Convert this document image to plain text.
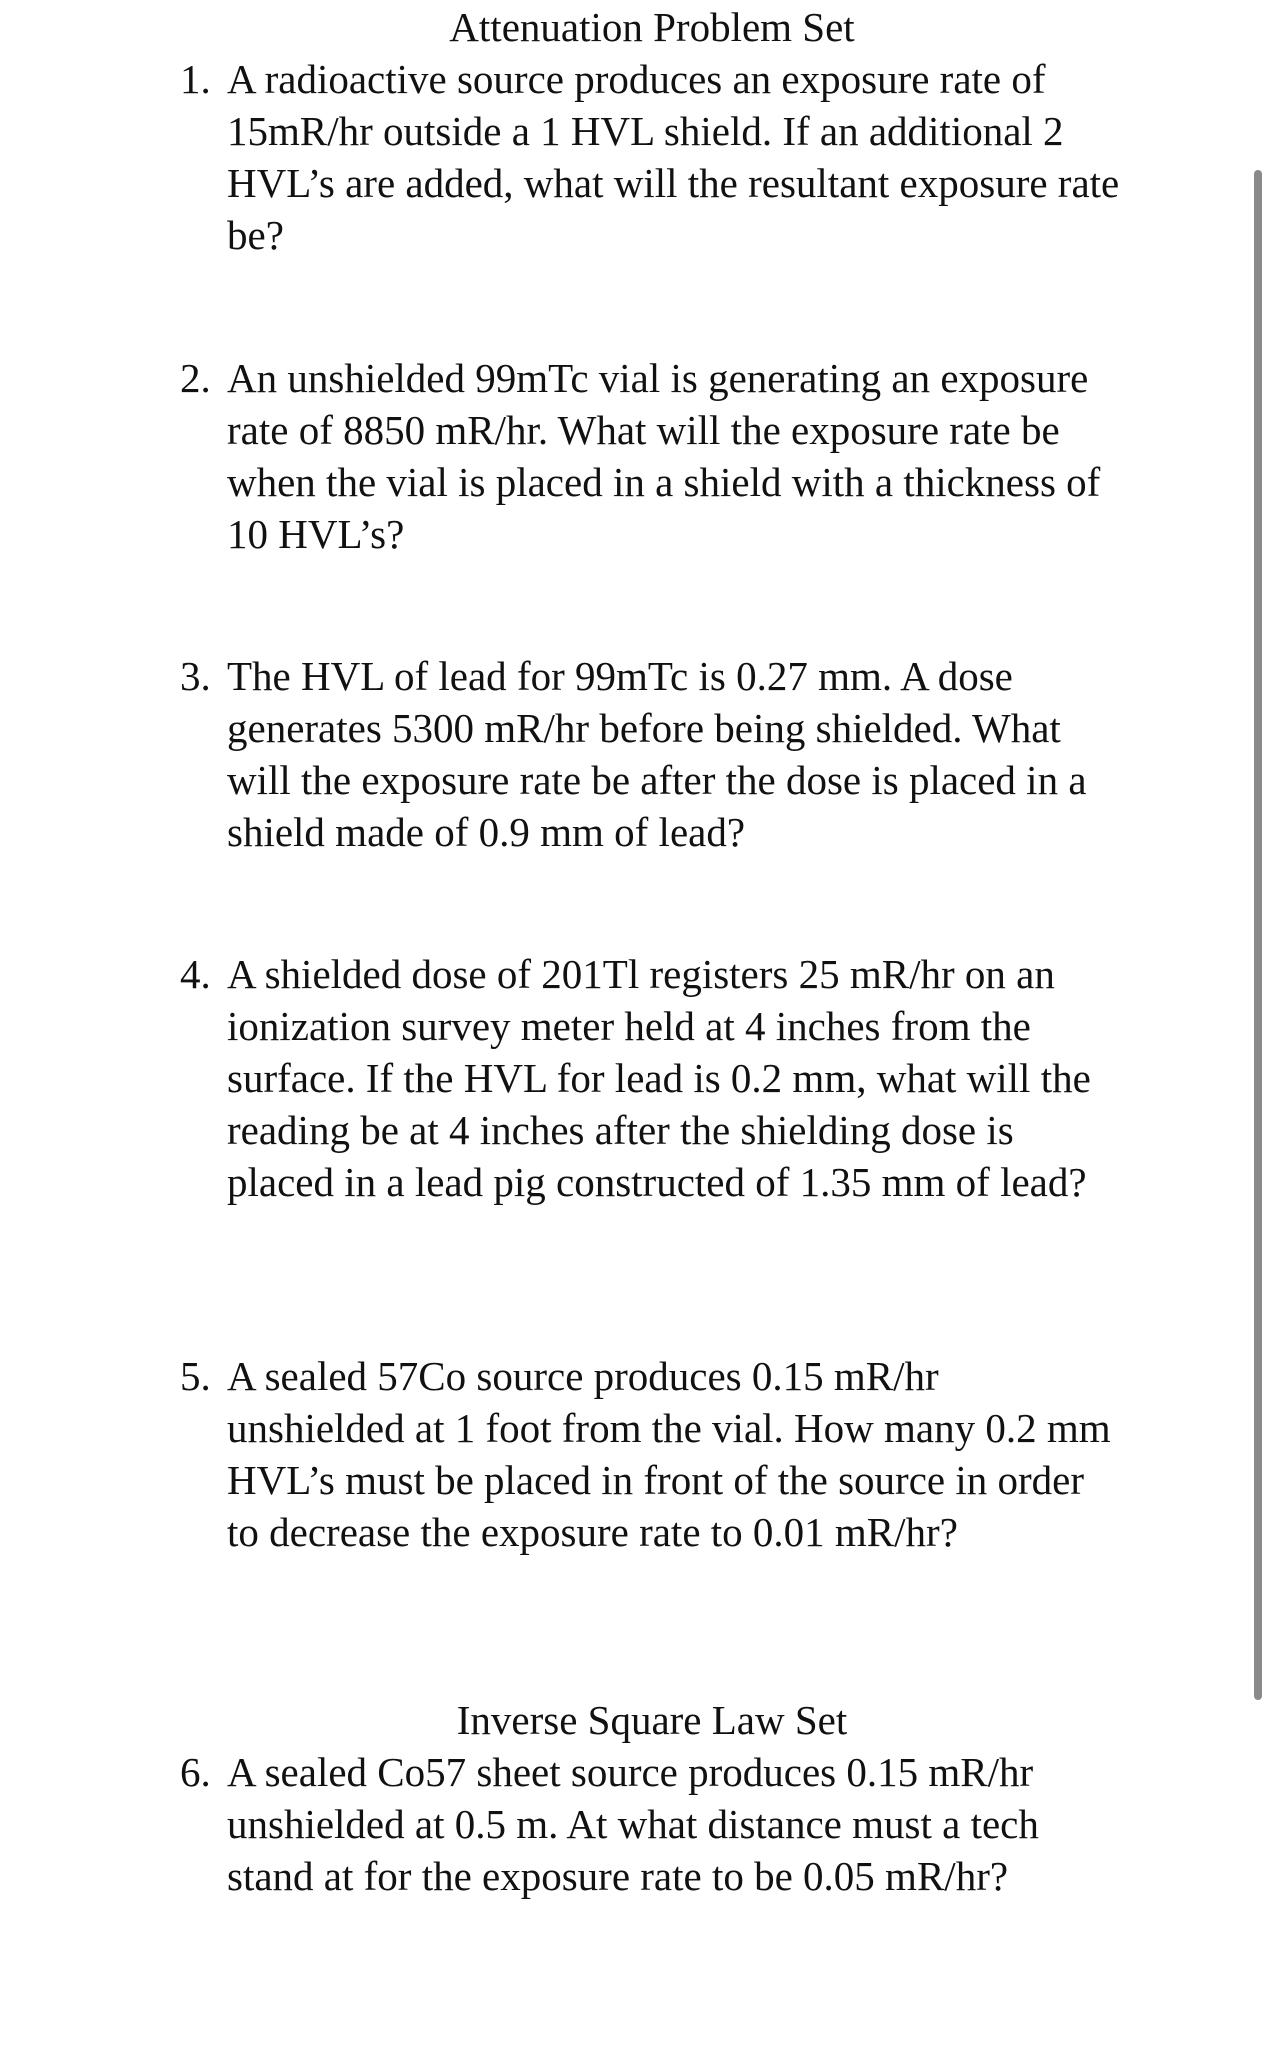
Attenuation Problem Set
1. A radioactive source produces an exposure rate of 15mR/hr outside a 1 HVL shield. If an additional 2 HVL’s are added, what will the resultant exposure rate be?
2. An unshielded 99mTc vial is generating an exposure rate of 8850 mR/hr. What will the exposure rate be when the vial is placed in a shield with a thickness of 10 HVL’s?
3. The HVL of lead for 99mTc is 0.27 mm. A dose generates 5300 mR/hr before being shielded. What will the exposure rate be after the dose is placed in a shield made of 0.9 mm of lead?
4. A shielded dose of 201Tl registers 25 mR/hr on an ionization survey meter held at 4 inches from the surface. If the HVL for lead is 0.2 mm, what will the reading be at 4 inches after the shielding dose is placed in a lead pig constructed of 1.35 mm of lead?
5. A sealed 57Co source produces 0.15 mR/hr unshielded at 1 foot from the vial. How many 0.2 mm HVL’s must be placed in front of the source in order to decrease the exposure rate to 0.01 mR/hr?
Inverse Square Law Set
6. A sealed Co57 sheet source produces 0.15 mR/hr unshielded at 0.5 m. At what distance must a tech stand at for the exposure rate to be 0.05 mR/hr?
